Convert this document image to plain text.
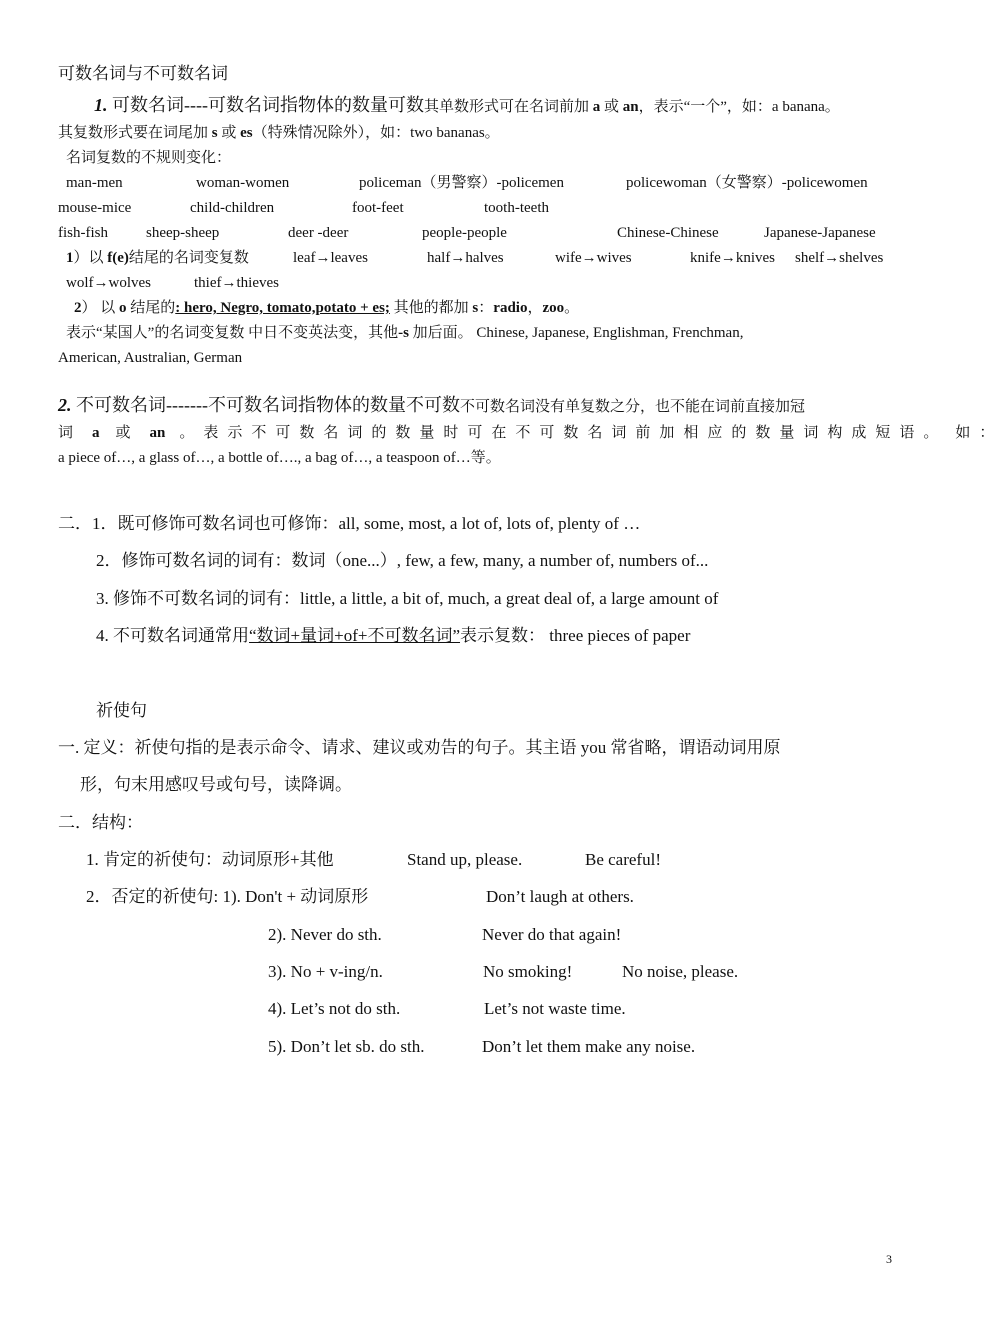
可数名词与不可数名词
1. 可数名词----可数名词指物体的数量可数其单数形式可在名词前加 a 或 an，表示“一个”，如：a banana。
其复数形式要在词尾加 s 或 es（特殊情况除外），如：two bananas。
名词复数的不规则变化：
man-men	woman-women	policeman（男警察）-policemen	policewoman（女警察）-policewomen
mouse-mice	child-children	foot-feet	tooth-teeth
fish-fish	sheep-sheep	deer -deer	people-people	Chinese-Chinese	Japanese-Japanese
1）以 f(e)结尾的名词变复数	leaf→leaves	half→halves	wife→wives	knife→knives shelf→shelves
wolf→wolves	thief→thieves
2） 以 o 结尾的: hero, Negro, tomato,potato + es; 其他的都加 s：radio，zoo。
表示“某国人”的名词变复数 中日不变英法变，其他-s 加后面。 Chinese, Japanese, Englishman, Frenchman,
American, Australian, German
2. 不可数名词-------不可数名词指物体的数量不可数不可数名词没有单复数之分，也不能在词前直接加冠
词 a 或 an 。表示不可数名词的数量时可在不可数名词前加相应的数量词构成短语。 如：
a piece of…, a glass of…, a bottle of…., a bag of…, a teaspoon of…等。
二．1．既可修饰可数名词也可修饰：all, some, most, a lot of, lots of, plenty of …
2．修饰可数名词的词有：数词（one...）, few, a few, many, a number of, numbers of...
3. 修饰不可数名词的词有：little, a little, a bit of, much, a great deal of, a large amount of
4. 不可数名词通常用“数词+量词+of+不可数名词”表示复数： three pieces of paper
祈使句
一. 定义：祈使句指的是表示命令、请求、建议或劝告的句子。其主语 you 常省略，谓语动词用原
形，句末用感叹号或句号，读降调。
二．结构：
1. 肯定的祈使句：动词原形+其他	Stand up, please.	Be careful!
2．否定的祈使句: 1). Don't + 动词原形	Don’t laugh at others.
2). Never do sth.	Never do that again!
3). No + v-ing/n.	No smoking!	No noise, please.
4). Let’s not do sth.	Let’s not waste time.
5). Don’t let sb. do sth.	Don’t let them make any noise.
3
